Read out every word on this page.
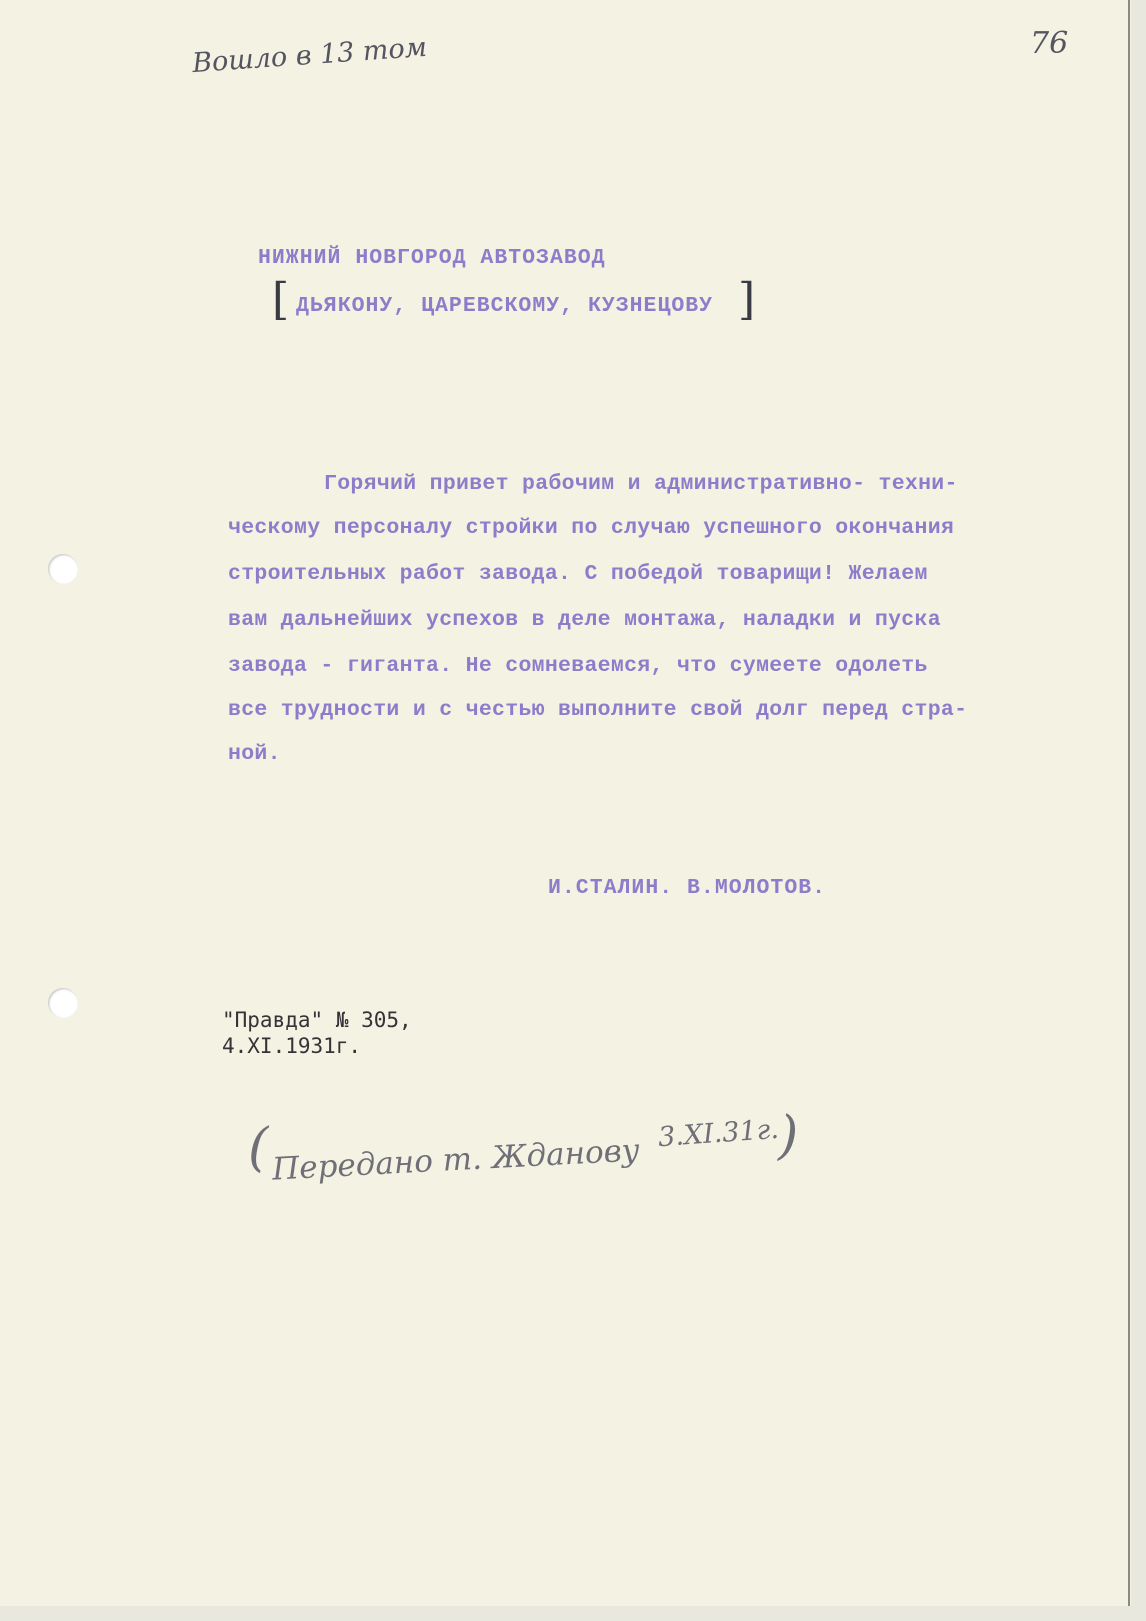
Вошло в 13 том	76
НИЖНИЙ НОВГОРОД АВТОЗАВОД
[ ДЬЯКОНУ, ЦАРЕВСКОМУ, КУЗНЕЦОВУ ]
Горячий привет рабочим и административно- техни-
ческому персоналу стройки по случаю успешного окончания
строительных работ завода. С победой товарищи! Желаем
вам дальнейших успехов в деле монтажа, наладки и пуска
завода - гиганта. Не сомневаемся, что сумеете одолеть
все трудности и с честью выполните свой долг перед стра-
ной.
И.СТАЛИН. В.МОЛОТОВ.
"Правда" № 305,
4.XI.1931г.
( Передано т. Жданову 3.XI.31г.
)
